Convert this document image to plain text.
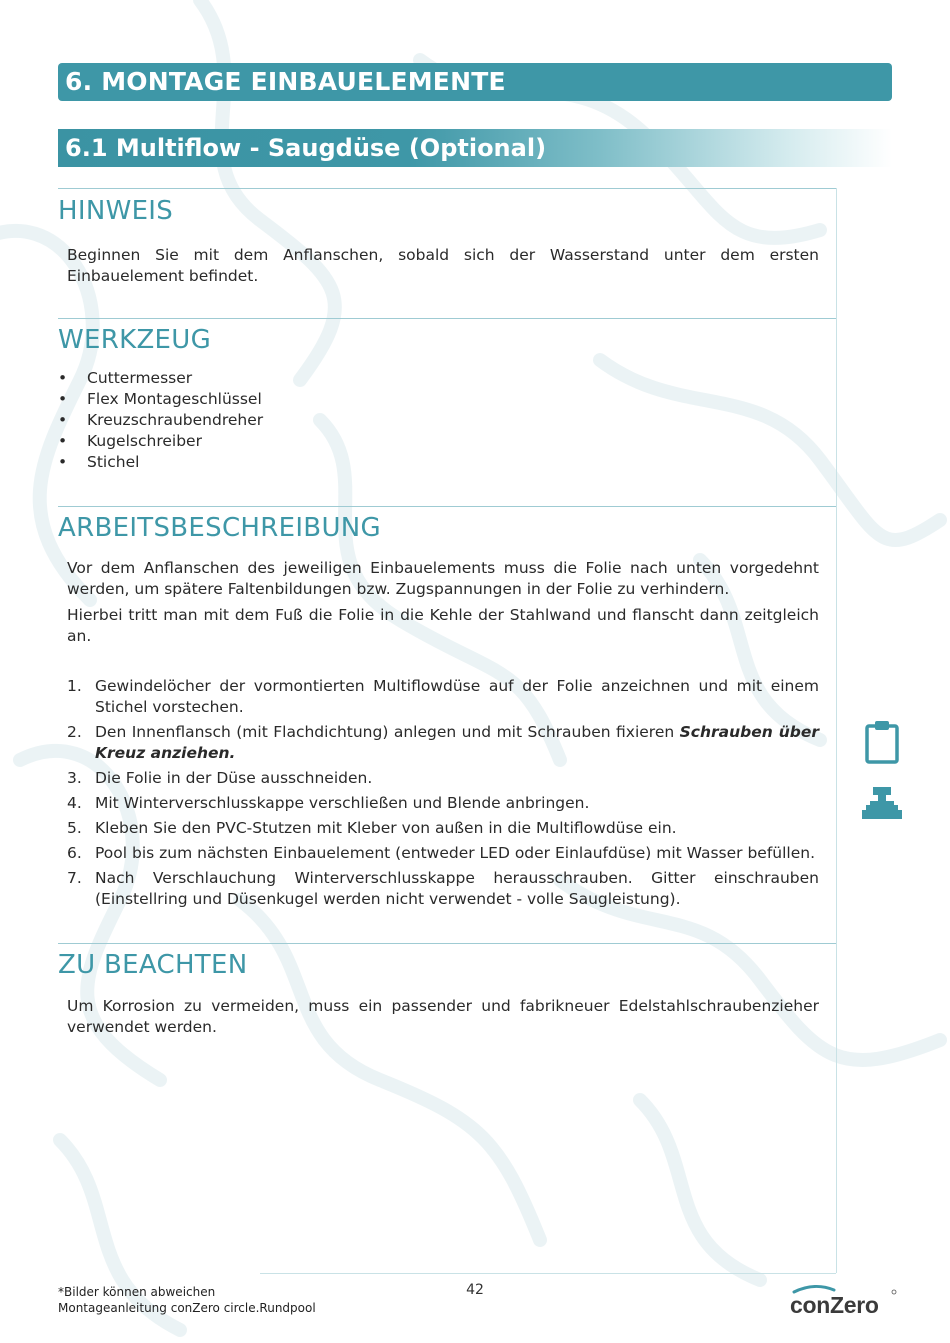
6. MONTAGE EINBAUELEMENTE
6.1 Multiflow - Saugdüse (Optional)
HINWEIS

Beginnen Sie mit dem Anflanschen, sobald sich der Wasserstand unter dem ersten Einbauelement befindet.

WERKZEUG
• Cuttermesser
• Flex Montageschlüssel
• Kreuzschraubendreher
• Kugelschreiber
• Stichel
ARBEITSBESCHREIBUNG

Vor dem Anflanschen des jeweiligen Einbauelements muss die Folie nach unten vorgedehnt werden, um spätere Faltenbildungen bzw. Zugspannungen in der Folie zu verhindern.

Hierbei tritt man mit dem Fuß die Folie in die Kehle der Stahlwand und flanscht dann zeitgleich an.

1. Gewindelöcher der vormontierten Multiflowdüse auf der Folie anzeichnen und mit einem Stichel vorstechen.
2. Den Innenflansch (mit Flachdichtung) anlegen und mit Schrauben fixieren Schrauben über Kreuz anziehen.
3. Die Folie in der Düse ausschneiden.
4. Mit Winterverschlusskappe verschließen und Blende anbringen.
5. Kleben Sie den PVC-Stutzen mit Kleber von außen in die Multiflowdüse ein.
6. Pool bis zum nächsten Einbauelement (entweder LED oder Einlaufdüse) mit Wasser befüllen.
7. Nach Verschlauchung Winterverschlusskappe herausschrauben. Gitter einschrauben (Einstellring und Düsenkugel werden nicht verwendet - volle Saugleistung).
ZU BEACHTEN

Um Korrosion zu vermeiden, muss ein passender und fabrikneuer Edelstahlschraubenzieher verwendet werden.

*Bilder können abweichen
Montageanleitung conZero circle.Rundpool
42
conZero
